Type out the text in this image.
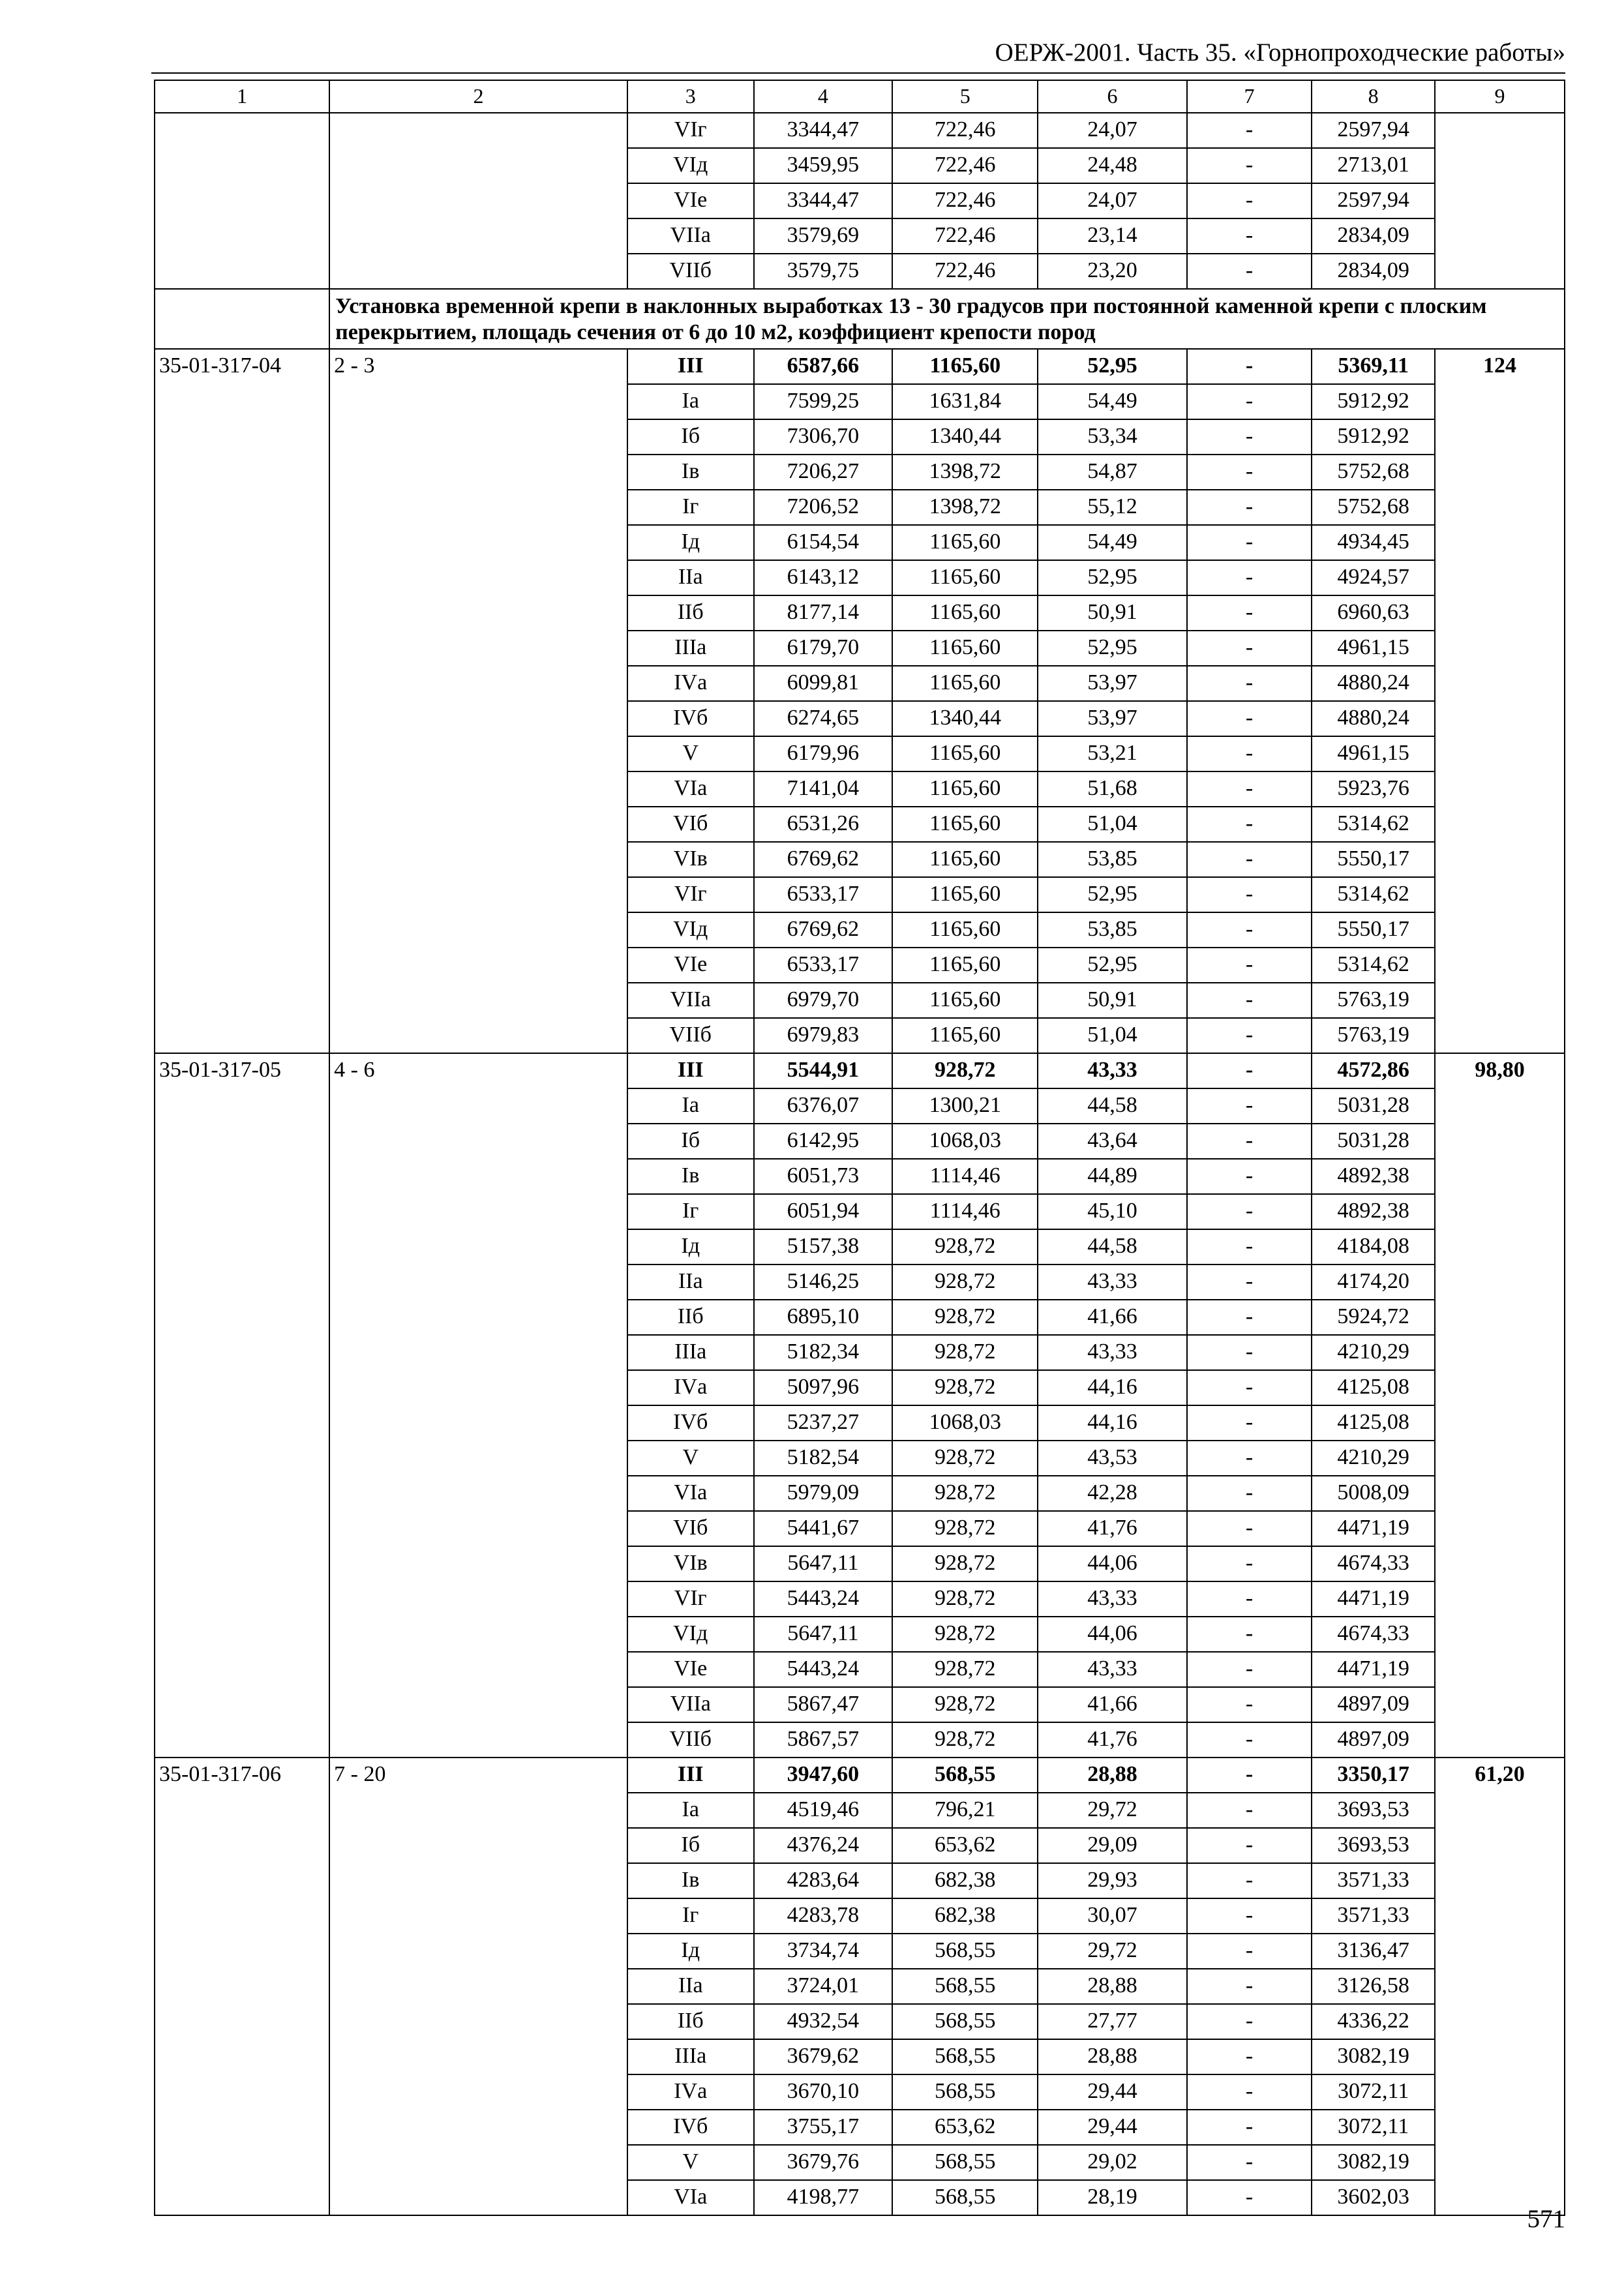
ОЕРЖ-2001. Часть 35. «Горнопроходческие работы»
1	2	3	4	5	6	7	8	9
		VIг	3344,47	722,46	24,07	-	2597,94	
		VIд	3459,95	722,46	24,48	-	2713,01	
		VIе	3344,47	722,46	24,07	-	2597,94	
		VIIа	3579,69	722,46	23,14	-	2834,09	
		VIIб	3579,75	722,46	23,20	-	2834,09	
	Установка временной крепи в наклонных выработках 13 - 30 градусов при постоянной каменной крепи с плоским перекрытием, площадь сечения от 6 до 10 м2, коэффициент крепости пород							
35-01-317-04	2 - 3	III	6587,66	1165,60	52,95	-	5369,11	124
		Iа	7599,25	1631,84	54,49	-	5912,92	
		Iб	7306,70	1340,44	53,34	-	5912,92	
		Iв	7206,27	1398,72	54,87	-	5752,68	
		Iг	7206,52	1398,72	55,12	-	5752,68	
		Iд	6154,54	1165,60	54,49	-	4934,45	
		IIа	6143,12	1165,60	52,95	-	4924,57	
		IIб	8177,14	1165,60	50,91	-	6960,63	
		IIIа	6179,70	1165,60	52,95	-	4961,15	
		IVа	6099,81	1165,60	53,97	-	4880,24	
		IVб	6274,65	1340,44	53,97	-	4880,24	
		V	6179,96	1165,60	53,21	-	4961,15	
		VIа	7141,04	1165,60	51,68	-	5923,76	
		VIб	6531,26	1165,60	51,04	-	5314,62	
		VIв	6769,62	1165,60	53,85	-	5550,17	
		VIг	6533,17	1165,60	52,95	-	5314,62	
		VIд	6769,62	1165,60	53,85	-	5550,17	
		VIе	6533,17	1165,60	52,95	-	5314,62	
		VIIа	6979,70	1165,60	50,91	-	5763,19	
		VIIб	6979,83	1165,60	51,04	-	5763,19	
35-01-317-05	4 - 6	III	5544,91	928,72	43,33	-	4572,86	98,80
		Iа	6376,07	1300,21	44,58	-	5031,28	
		Iб	6142,95	1068,03	43,64	-	5031,28	
		Iв	6051,73	1114,46	44,89	-	4892,38	
		Iг	6051,94	1114,46	45,10	-	4892,38	
		Iд	5157,38	928,72	44,58	-	4184,08	
		IIа	5146,25	928,72	43,33	-	4174,20	
		IIб	6895,10	928,72	41,66	-	5924,72	
		IIIа	5182,34	928,72	43,33	-	4210,29	
		IVа	5097,96	928,72	44,16	-	4125,08	
		IVб	5237,27	1068,03	44,16	-	4125,08	
		V	5182,54	928,72	43,53	-	4210,29	
		VIа	5979,09	928,72	42,28	-	5008,09	
		VIб	5441,67	928,72	41,76	-	4471,19	
		VIв	5647,11	928,72	44,06	-	4674,33	
		VIг	5443,24	928,72	43,33	-	4471,19	
		VIд	5647,11	928,72	44,06	-	4674,33	
		VIе	5443,24	928,72	43,33	-	4471,19	
		VIIа	5867,47	928,72	41,66	-	4897,09	
		VIIб	5867,57	928,72	41,76	-	4897,09	
35-01-317-06	7 - 20	III	3947,60	568,55	28,88	-	3350,17	61,20
		Iа	4519,46	796,21	29,72	-	3693,53	
		Iб	4376,24	653,62	29,09	-	3693,53	
		Iв	4283,64	682,38	29,93	-	3571,33	
		Iг	4283,78	682,38	30,07	-	3571,33	
		Iд	3734,74	568,55	29,72	-	3136,47	
		IIа	3724,01	568,55	28,88	-	3126,58	
		IIб	4932,54	568,55	27,77	-	4336,22	
		IIIа	3679,62	568,55	28,88	-	3082,19	
		IVа	3670,10	568,55	29,44	-	3072,11	
		IVб	3755,17	653,62	29,44	-	3072,11	
		V	3679,76	568,55	29,02	-	3082,19	
		VIа	4198,77	568,55	28,19	-	3602,03	
571
